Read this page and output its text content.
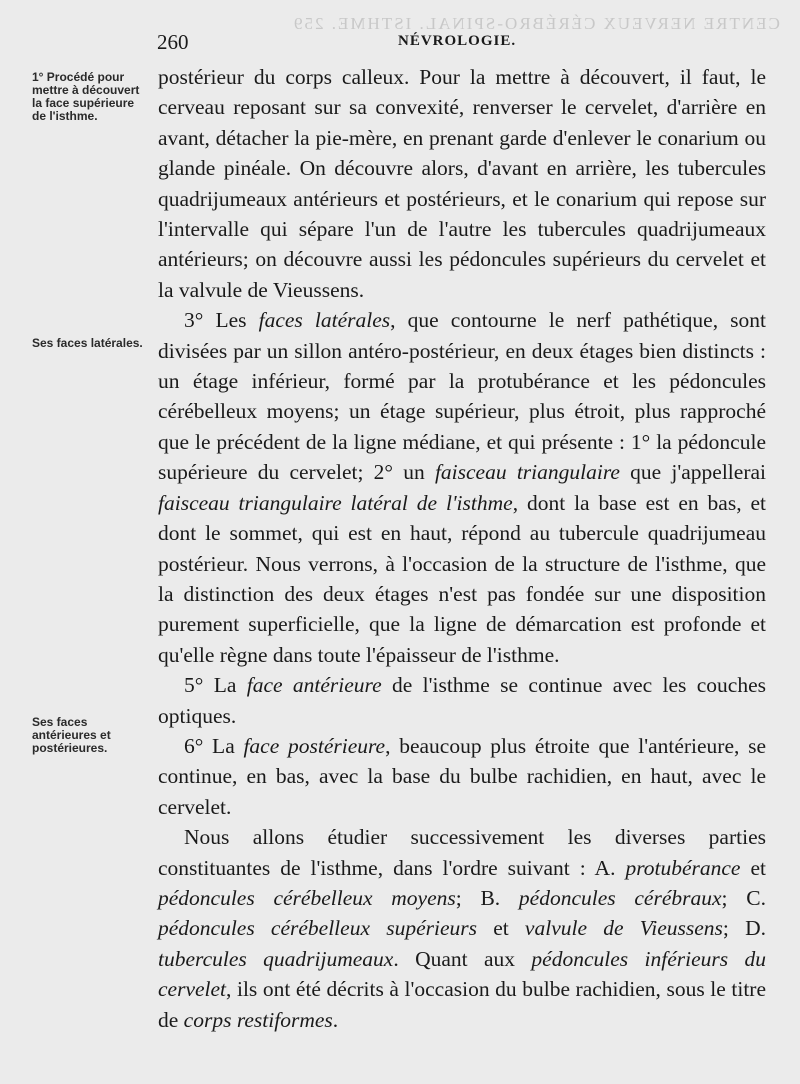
CENTRE NERVEUX CÉRÉBRO-SPINAL. ISTHME. 259
260	NÉVROLOGIE.
1° Procédé pour mettre à découvert la face supérieure de l'isthme.
Ses faces latérales.
Ses faces antérieures et postérieures.

postérieur du corps calleux. Pour la mettre à découvert, il faut, le cerveau reposant sur sa convexité, renverser le cervelet, d'arrière en avant, détacher la pie-mère, en prenant garde d'enlever le conarium ou glande pinéale. On découvre alors, d'avant en arrière, les tubercules quadrijumeaux antérieurs et postérieurs, et le conarium qui repose sur l'intervalle qui sépare l'un de l'autre les tubercules quadrijumeaux antérieurs; on découvre aussi les pédoncules supérieurs du cervelet et la valvule de Vieussens.

3° Les faces latérales, que contourne le nerf pathétique, sont divisées par un sillon antéro-postérieur, en deux étages bien distincts : un étage inférieur, formé par la protubérance et les pédoncules cérébelleux moyens; un étage supérieur, plus étroit, plus rapproché que le précédent de la ligne médiane, et qui présente : 1° la pédoncule supérieure du cervelet; 2° un faisceau triangulaire que j'appellerai faisceau triangulaire latéral de l'isthme, dont la base est en bas, et dont le sommet, qui est en haut, répond au tubercule quadrijumeau postérieur. Nous verrons, à l'occasion de la structure de l'isthme, que la distinction des deux étages n'est pas fondée sur une disposition purement superficielle, que la ligne de démarcation est profonde et qu'elle règne dans toute l'épaisseur de l'isthme.

5° La face antérieure de l'isthme se continue avec les couches optiques.

6° La face postérieure, beaucoup plus étroite que l'antérieure, se continue, en bas, avec la base du bulbe rachidien, en haut, avec le cervelet.

Nous allons étudier successivement les diverses parties constituantes de l'isthme, dans l'ordre suivant : A. protubérance et pédoncules cérébelleux moyens; B. pédoncules cérébraux; C. pédoncules cérébelleux supérieurs et valvule de Vieussens; D. tubercules quadrijumeaux. Quant aux pédoncules inférieurs du cervelet, ils ont été décrits à l'occasion du bulbe rachidien, sous le titre de corps restiformes.
